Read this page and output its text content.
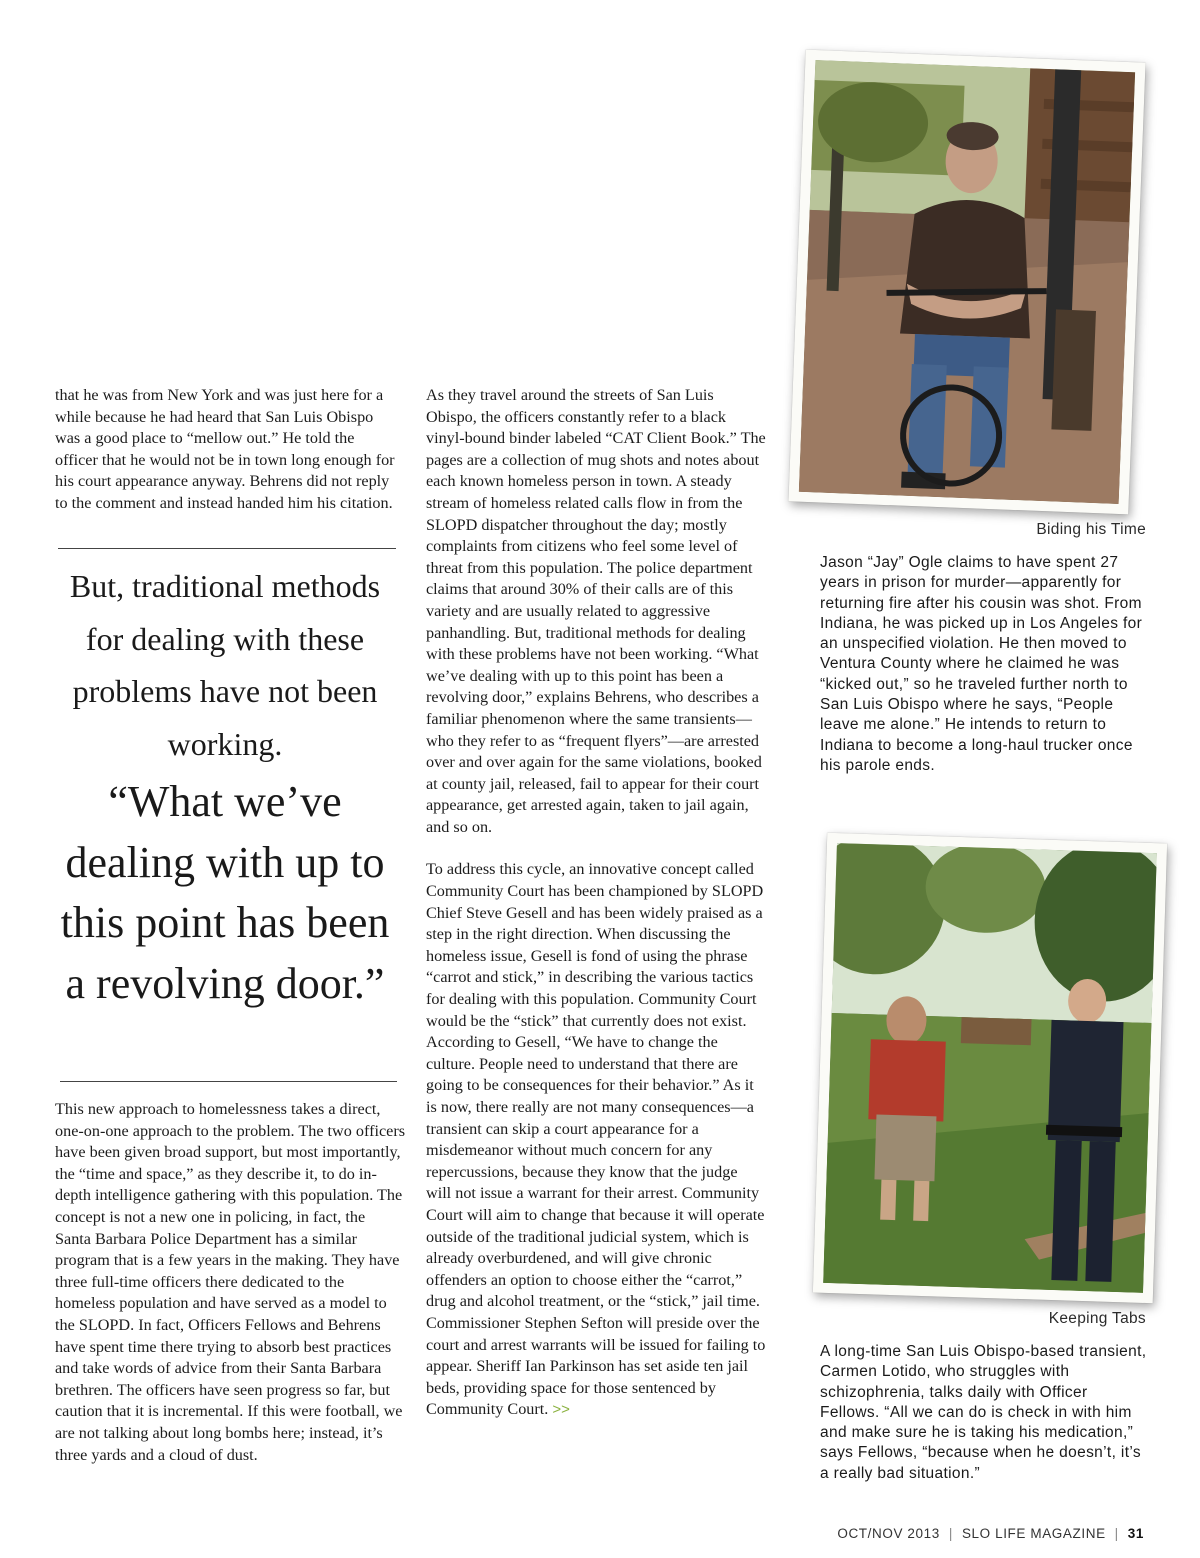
that he was from New York and was just here for a while because he had heard that San Luis Obispo was a good place to “mellow out.” He told the officer that he would not be in town long enough for his court appearance anyway. Behrens did not reply to the comment and instead handed him his citation.

But, traditional methods for dealing with these problems have not been working.
“What we’ve dealing with up to this point has been a revolving door.”

This new approach to homelessness takes a direct, one-on-one approach to the problem. The two officers have been given broad support, but most importantly, the “time and space,” as they describe it, to do in-depth intelligence gathering with this population. The concept is not a new one in policing, in fact, the Santa Barbara Police Department has a similar program that is a few years in the making. They have three full-time officers there dedicated to the homeless population and have served as a model to the SLOPD. In fact, Officers Fellows and Behrens have spent time there trying to absorb best practices and take words of advice from their Santa Barbara brethren. The officers have seen progress so far, but caution that it is incremental. If this were football, we are not talking about long bombs here; instead, it’s three yards and a cloud of dust.

As they travel around the streets of San Luis Obispo, the officers constantly refer to a black vinyl-bound binder labeled “CAT Client Book.” The pages are a collection of mug shots and notes about each known homeless person in town. A steady stream of homeless related calls flow in from the SLOPD dispatcher throughout the day; mostly complaints from citizens who feel some level of threat from this population. The police department claims that around 30% of their calls are of this variety and are usually related to aggressive panhandling. But, traditional methods for dealing with these problems have not been working. “What we’ve dealing with up to this point has been a revolving door,” explains Behrens, who describes a familiar phenomenon where the same transients—who they refer to as “frequent flyers”—are arrested over and over again for the same violations, booked at county jail, released, fail to appear for their court appearance, get arrested again, taken to jail again, and so on.

To address this cycle, an innovative concept called Community Court has been championed by SLOPD Chief Steve Gesell and has been widely praised as a step in the right direction. When discussing the homeless issue, Gesell is fond of using the phrase “carrot and stick,” in describing the various tactics for dealing with this population. Community Court would be the “stick” that currently does not exist. According to Gesell, “We have to change the culture. People need to understand that there are going to be consequences for their behavior.” As it is now, there really are not many consequences—a transient can skip a court appearance for a misdemeanor without much concern for any repercussions, because they know that the judge will not issue a warrant for their arrest. Community Court will aim to change that because it will operate outside of the traditional judicial system, which is already overburdened, and will give chronic offenders an option to choose either the “carrot,” drug and alcohol treatment, or the “stick,” jail time. Commissioner Stephen Sefton will preside over the court and arrest warrants will be issued for failing to appear. Sheriff Ian Parkinson has set aside ten jail beds, providing space for those sentenced by Community Court. >>

Biding his Time
Jason “Jay” Ogle claims to have spent 27 years in prison for murder—apparently for returning fire after his cousin was shot. From Indiana, he was picked up in Los Angeles for an unspecified violation. He then moved to Ventura County where he claimed he was “kicked out,” so he traveled further north to San Luis Obispo where he says, “People leave me alone.” He intends to return to Indiana to become a long-haul trucker once his parole ends.
Keeping Tabs
A long-time San Luis Obispo-based transient, Carmen Lotido, who struggles with schizophrenia, talks daily with Officer Fellows. “All we can do is check in with him and make sure he is taking his medication,” says Fellows, “because when he doesn’t, it’s a really bad situation.”
OCT/NOV 2013 | SLO LIFE MAGAZINE | 31
